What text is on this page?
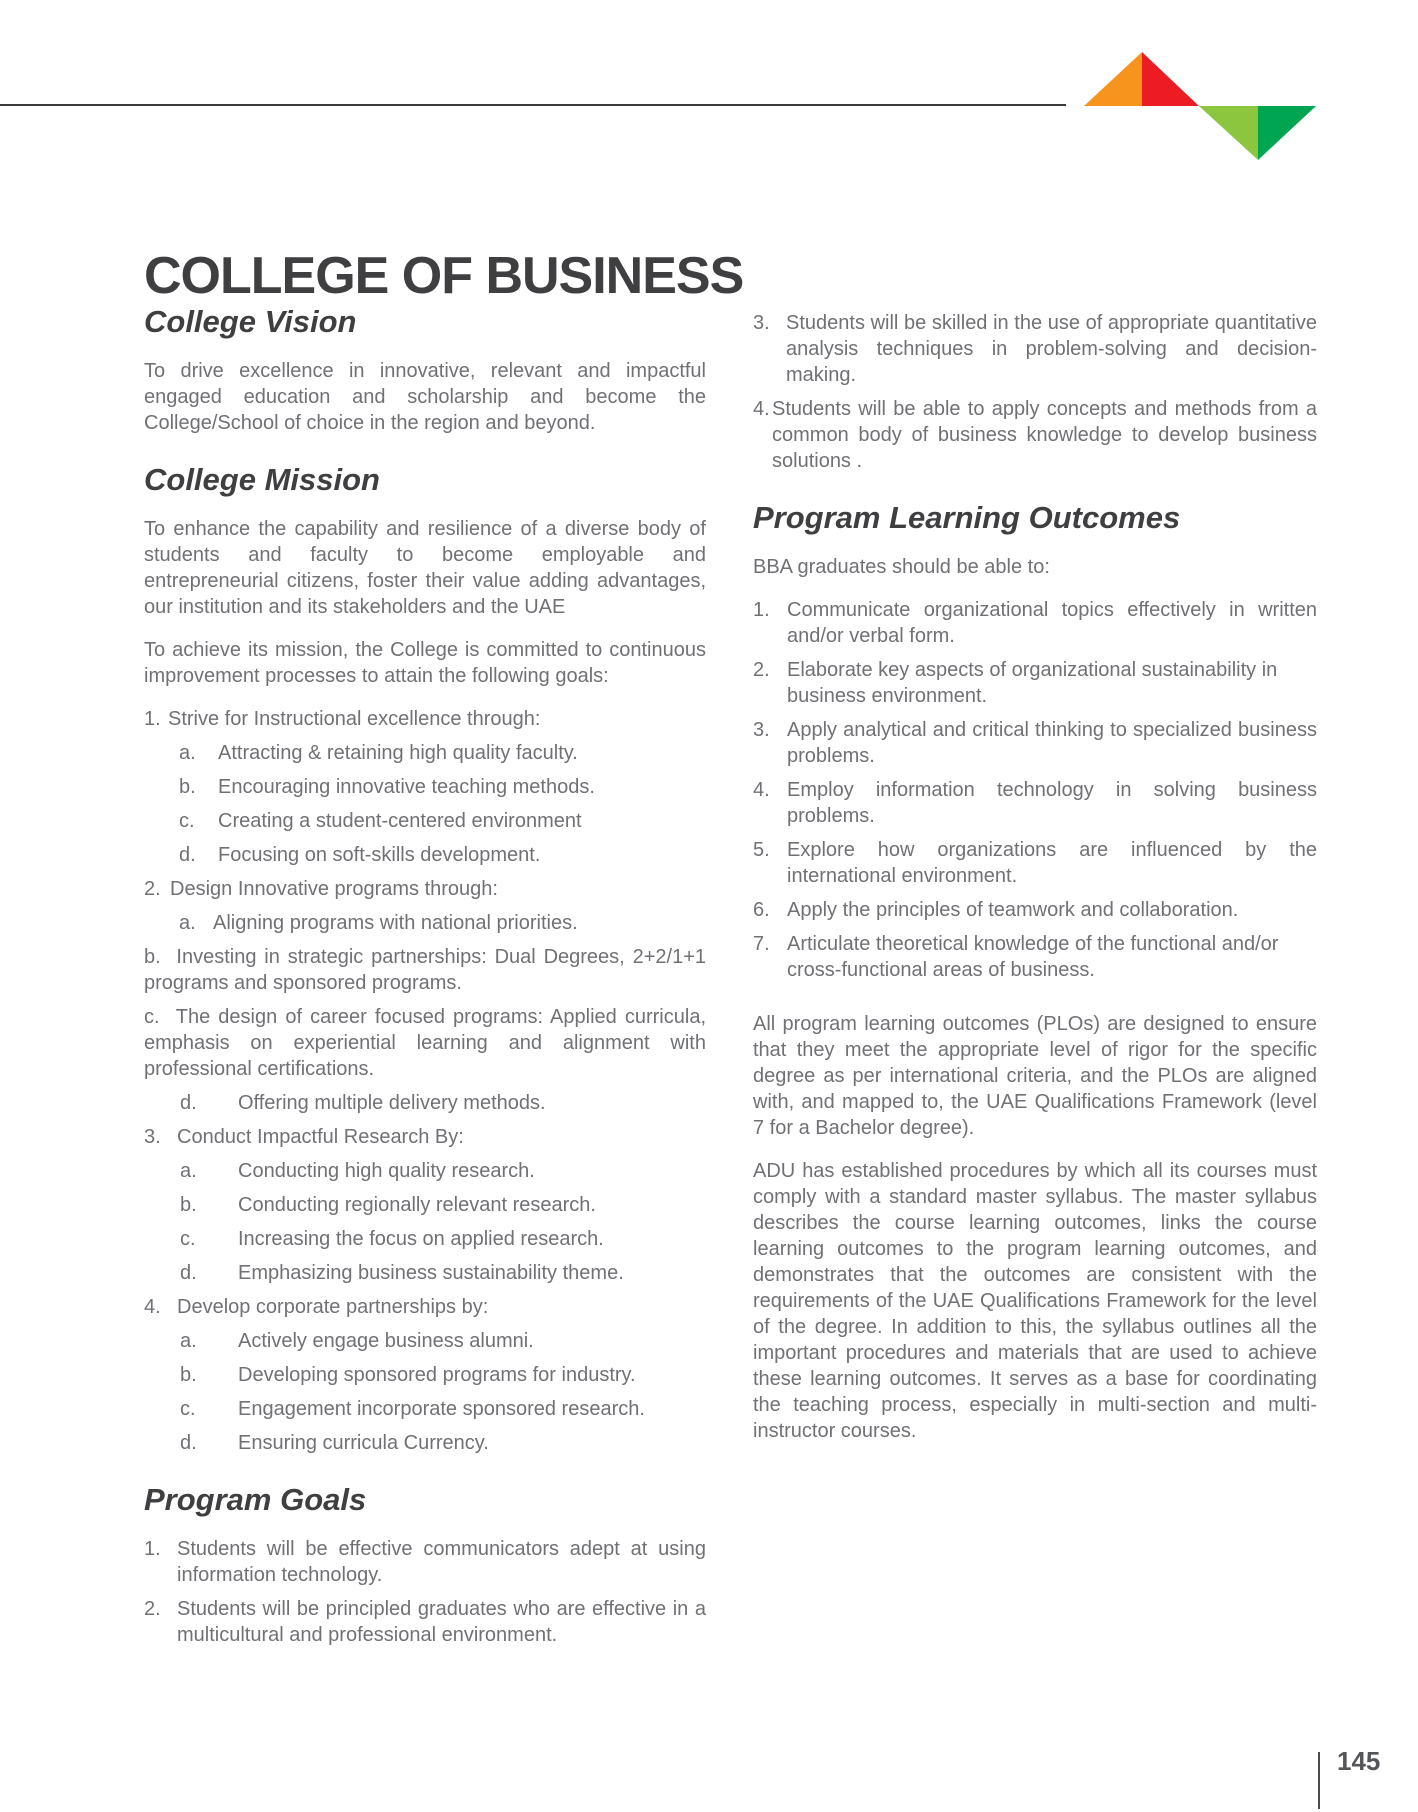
COLLEGE OF BUSINESS
College Vision

To drive excellence in innovative, relevant and impactful engaged education and scholarship and become the College/School of choice in the region and beyond.

College Mission

To enhance the capability and resilience of a diverse body of students and faculty to become employable and entrepreneurial citizens, foster their value adding advantages, our institution and its stakeholders and the UAE

To achieve its mission, the College is committed to continuous improvement processes to attain the following goals:

1. Strive for Instructional excellence through:
a. Attracting & retaining high quality faculty.
b. Encouraging innovative teaching methods.
c. Creating a student-centered environment
d. Focusing on soft-skills development.
2. Design Innovative programs through:
a. Aligning programs with national priorities.
b.  Investing in strategic partnerships: Dual Degrees, 2+2/1+1 programs and sponsored programs.
c.  The design of career focused programs: Applied curricula, emphasis on experiential learning and alignment with professional certifications.
d. Offering multiple delivery methods.
3. Conduct Impactful Research By:
a. Conducting high quality research.
b. Conducting regionally relevant research.
c. Increasing the focus on applied research.
d. Emphasizing business sustainability theme.
4. Develop corporate partnerships by:
a. Actively engage business alumni.
b. Developing sponsored programs for industry.
c. Engagement incorporate sponsored research.
d. Ensuring curricula Currency.
Program Goals
1. Students will be effective communicators adept at using information technology.
2. Students will be principled graduates who are effective in a multicultural and professional environment.
3. Students will be skilled in the use of appropriate quantitative analysis techniques in problem-solving and decision-making.
4. Students will be able to apply concepts and methods from a common body of business knowledge to develop business solutions .
Program Learning Outcomes

BBA graduates should be able to:

1. Communicate organizational topics effectively in written and/or verbal form.
2. Elaborate key aspects of organizational sustainability in business environment.
3. Apply analytical and critical thinking to specialized business problems.
4. Employ information technology in solving business problems.
5. Explore how organizations are influenced by the international environment.
6. Apply the principles of teamwork and collaboration.
7. Articulate theoretical knowledge of the functional and/or cross-functional areas of business.

All program learning outcomes (PLOs) are designed to ensure that they meet the appropriate level of rigor for the specific degree as per international criteria, and the PLOs are aligned with, and mapped to, the UAE Qualifications Framework (level 7 for a Bachelor degree).

ADU has established procedures by which all its courses must comply with a standard master syllabus. The master syllabus describes the course learning outcomes, links the course learning outcomes to the program learning outcomes, and demonstrates that the outcomes are consistent with the requirements of the UAE Qualifications Framework for the level of the degree. In addition to this, the syllabus outlines all the important procedures and materials that are used to achieve these learning outcomes. It serves as a base for coordinating the teaching process, especially in multi-section and multi-instructor courses.

145
